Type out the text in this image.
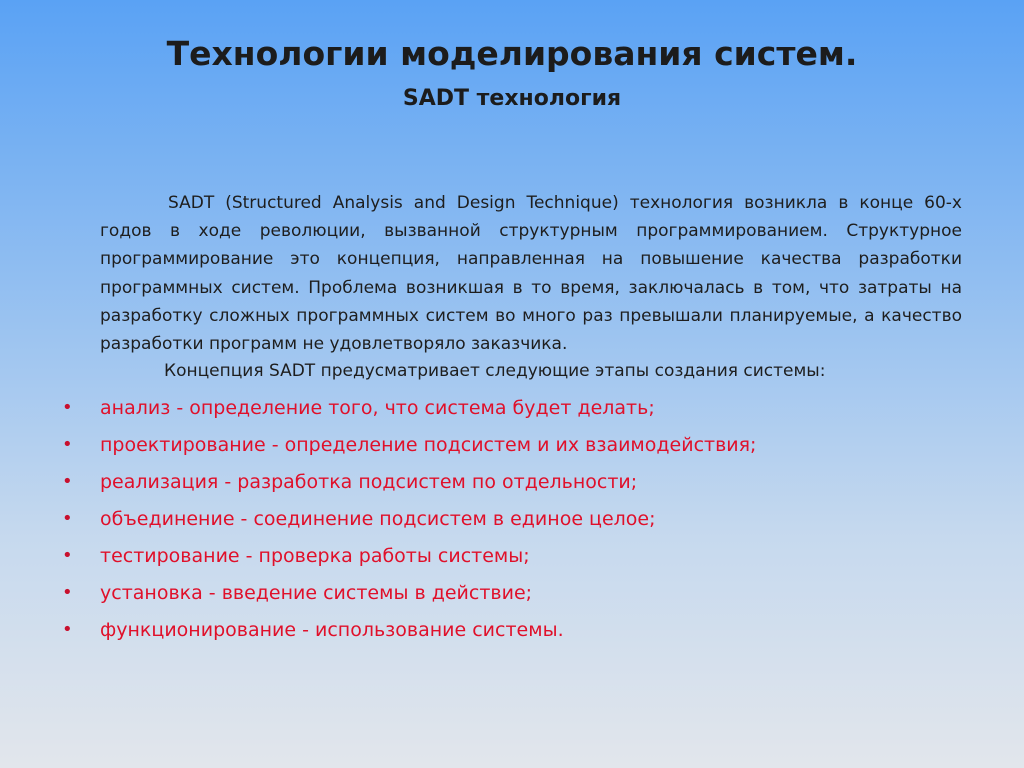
Технологии моделирования систем.
SADT технология

SADT (Structured Analysis and Design Technique) технология возникла в конце 60-х годов в ходе революции, вызванной структурным программированием. Структурное программирование это концепция, направленная на повышение качества разработки программных систем. Проблема возникшая в то время, заключалась в том, что затраты на разработку сложных программных систем во много раз превышали планируемые, а качество разработки программ не удовлетворяло заказчика.

Концепция SADT предусматривает следующие этапы создания системы:

• анализ - определение того, что система будет делать;
• проектирование - определение подсистем и их взаимодействия;
• реализация - разработка подсистем по отдельности;
• объединение - соединение подсистем в единое целое;
• тестирование - проверка работы системы;
• установка - введение системы в действие;
• функционирование - использование системы.
